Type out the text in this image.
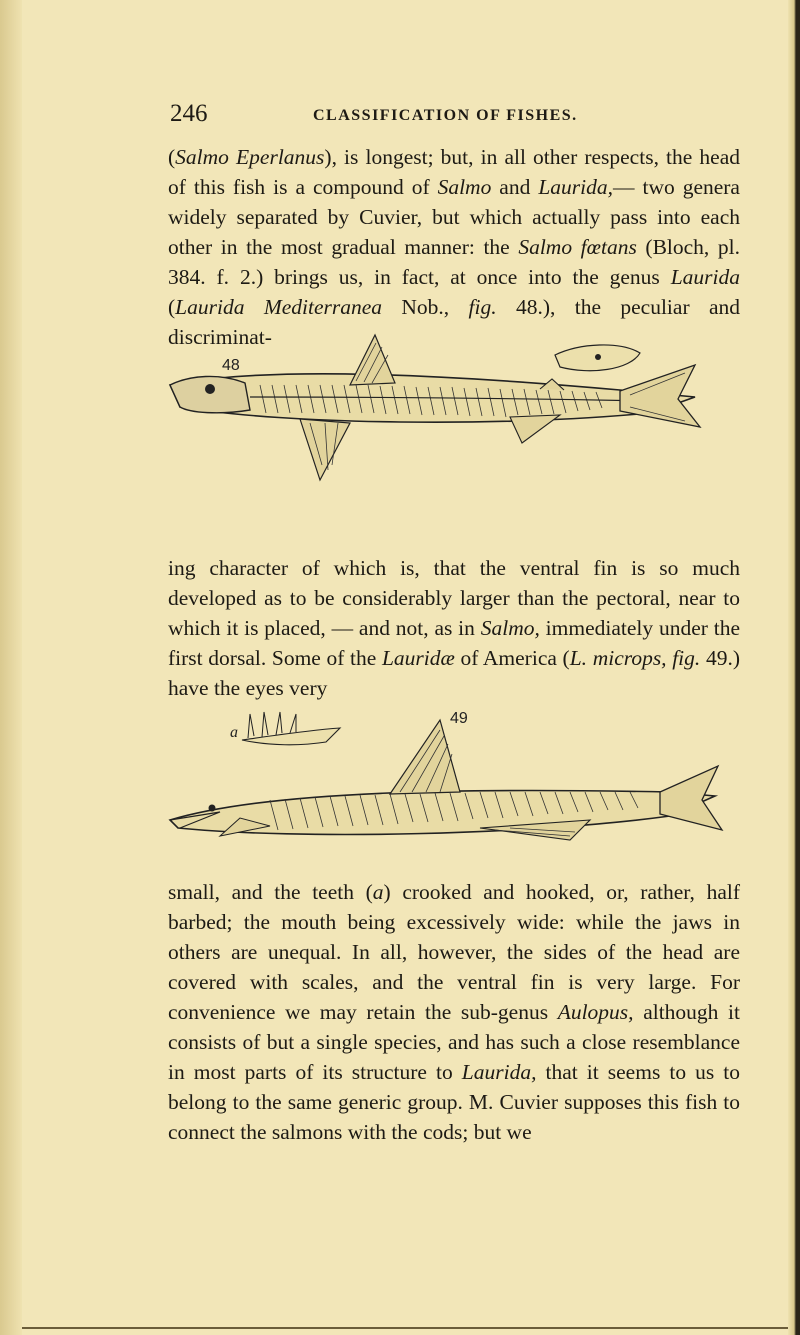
246	CLASSIFICATION OF FISHES.

(Salmo Eperlanus), is longest; but, in all other respects, the head of this fish is a compound of Salmo and Laurida,— two genera widely separated by Cuvier, but which actually pass into each other in the most gradual manner: the Salmo fœtans (Bloch, pl. 384. f. 2.) brings us, in fact, at once into the genus Laurida (Laurida Mediterranea Nob., fig. 48.), the peculiar and discriminat-

48

ing character of which is, that the ventral fin is so much developed as to be considerably larger than the pectoral, near to which it is placed, — and not, as in Salmo, immediately under the first dorsal. Some of the Lauridæ of America (L. microps, fig. 49.) have the eyes very

49
a

small, and the teeth (a) crooked and hooked, or, rather, half barbed; the mouth being excessively wide: while the jaws in others are unequal. In all, however, the sides of the head are covered with scales, and the ventral fin is very large. For convenience we may retain the sub-genus Aulopus, although it consists of but a single species, and has such a close resemblance in most parts of its structure to Laurida, that it seems to us to belong to the same generic group. M. Cuvier supposes this fish to connect the salmons with the cods; but we
